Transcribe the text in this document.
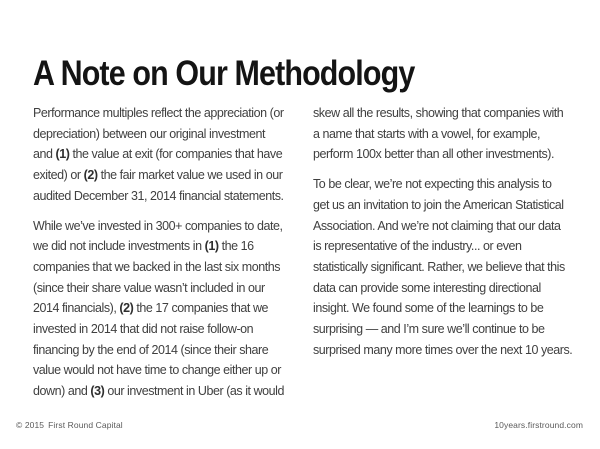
A Note on Our Methodology
Performance multiples reflect the appreciation (or
depreciation) between our original investment
and (1) the value at exit (for companies that have
exited) or (2) the fair market value we used in our
audited December 31, 2014 financial statements.
While we’ve invested in 300+ companies to date,
we did not include investments in (1) the 16
companies that we backed in the last six months
(since their share value wasn’t included in our
2014 financials), (2) the 17 companies that we
invested in 2014 that did not raise follow-on
financing by the end of 2014 (since their share
value would not have time to change either up or
down) and (3) our investment in Uber (as it would
skew all the results, showing that companies with
a name that starts with a vowel, for example,
perform 100x better than all other investments).
To be clear, we’re not expecting this analysis to
get us an invitation to join the American Statistical
Association. And we’re not claiming that our data
is representative of the industry... or even
statistically significant. Rather, we believe that this
data can provide some interesting directional
insight. We found some of the learnings to be
surprising — and I’m sure we’ll continue to be
surprised many more times over the next 10 years.
© 2015 First Round Capital	10years.firstround.com
